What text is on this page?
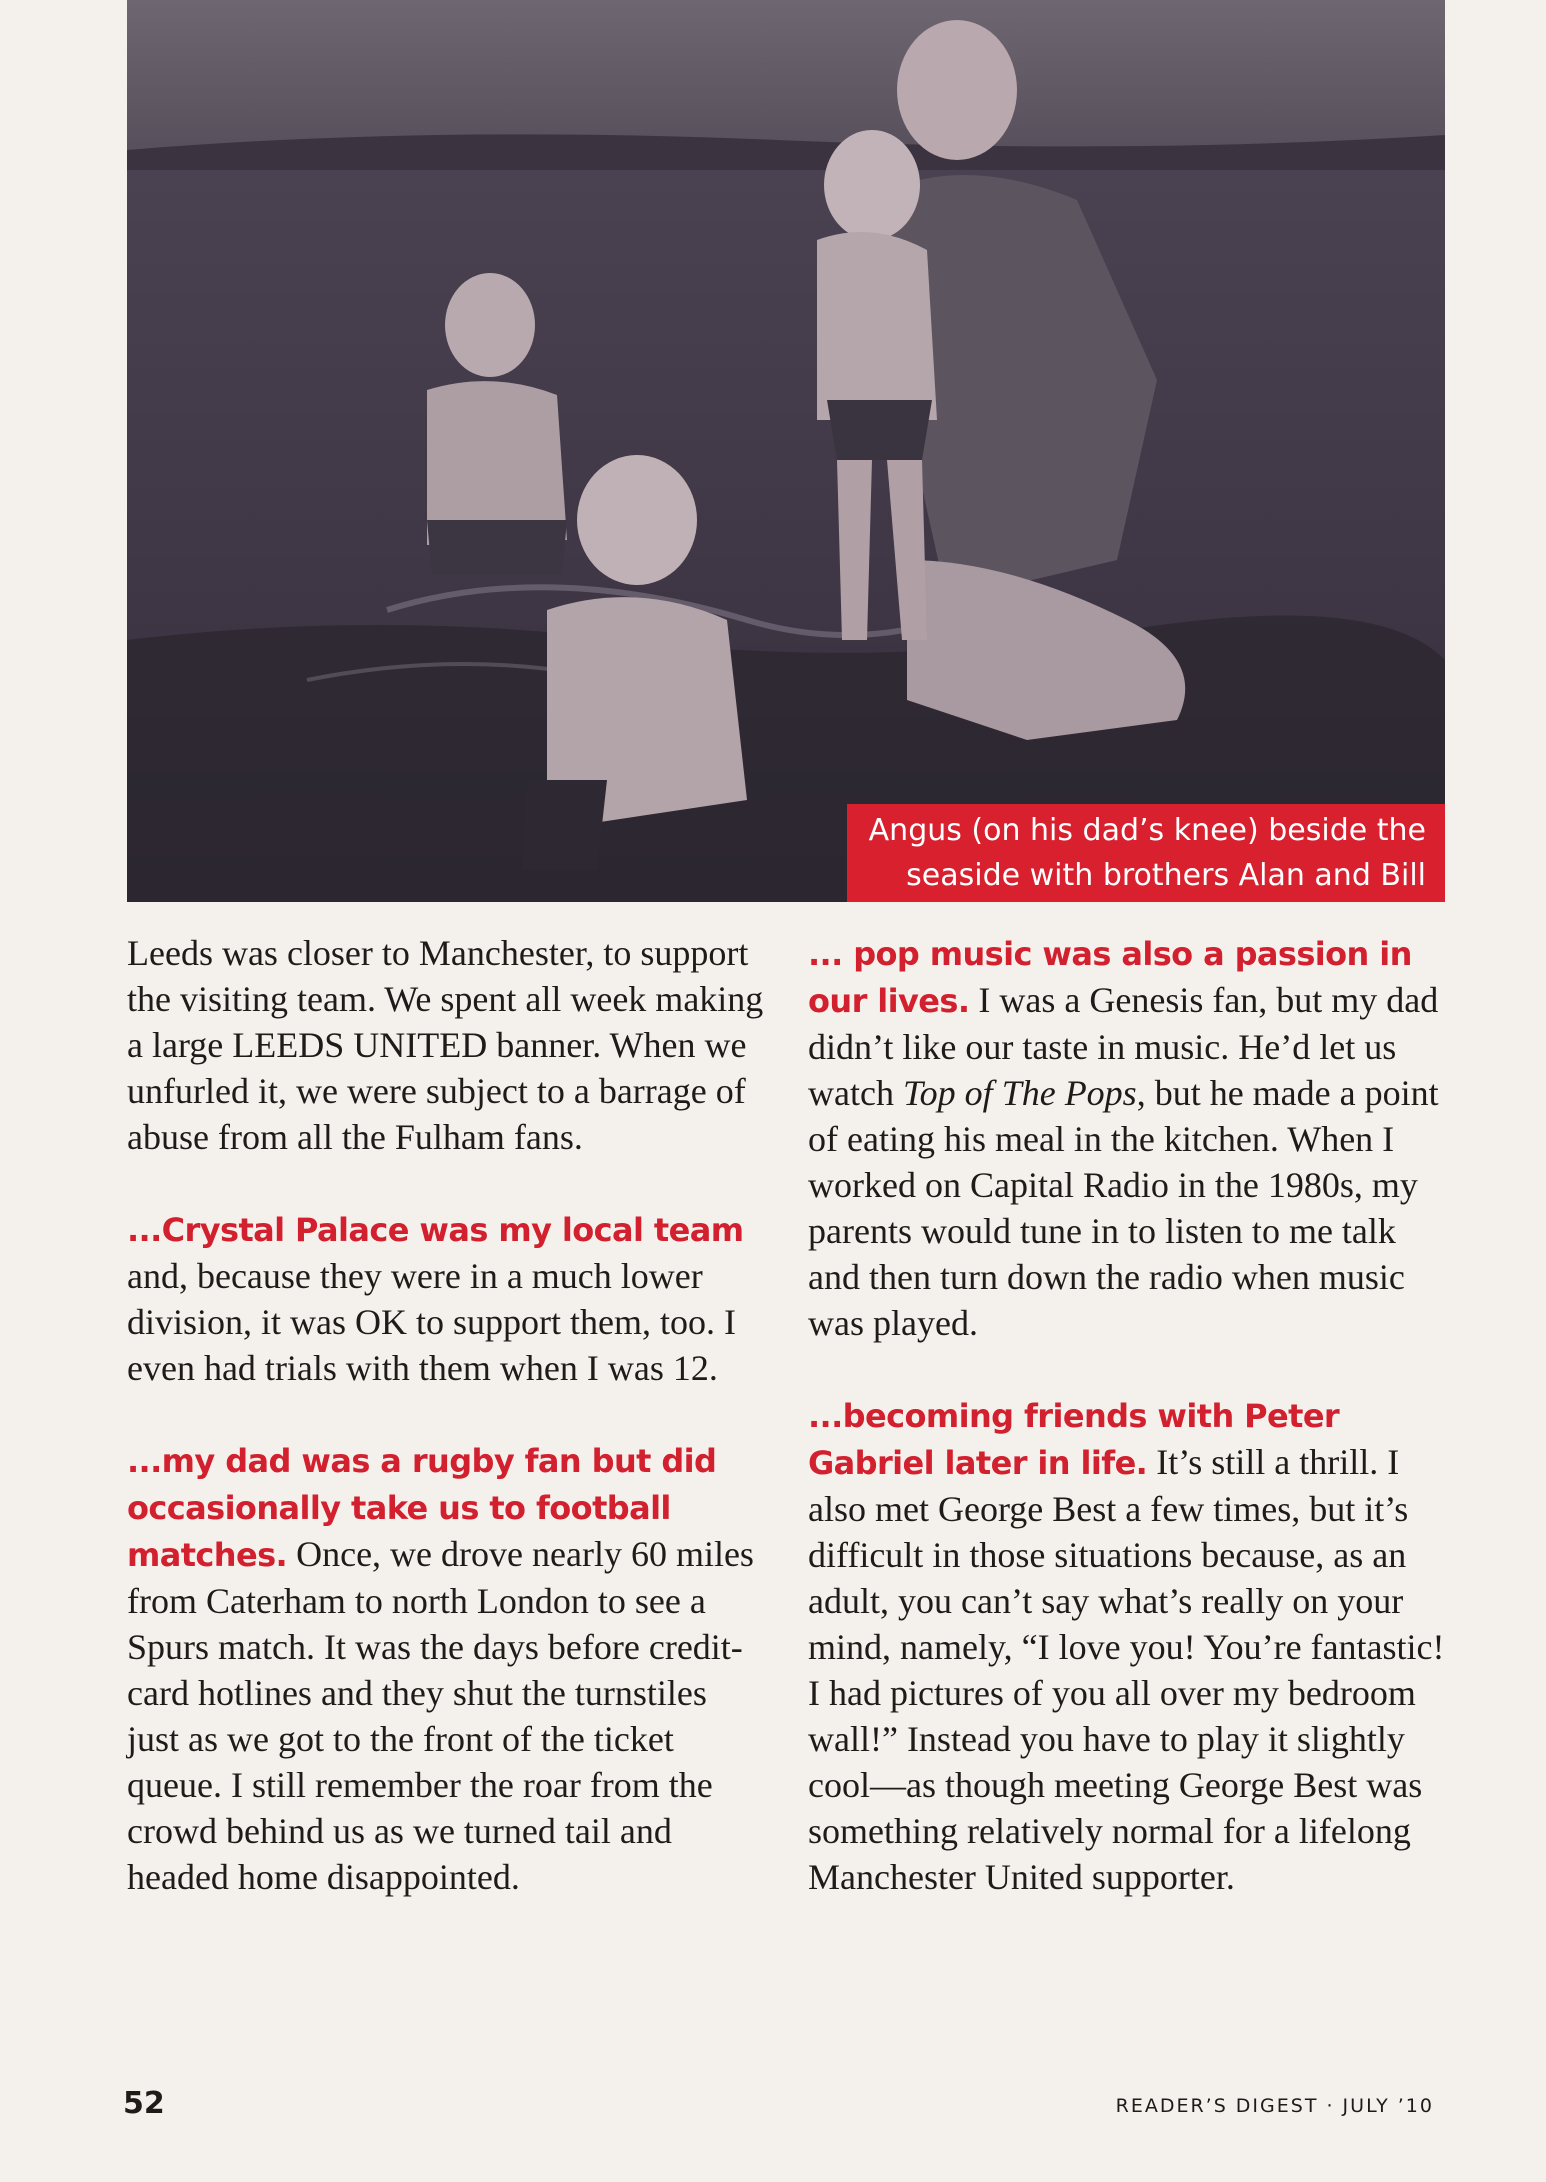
Angus (on his dad’s knee) beside the
seaside with brothers Alan and Bill

Leeds was closer to Manchester, to support the visiting team. We spent all week making a large LEEDS UNITED banner. When we unfurled it, we were subject to a barrage of abuse from all the Fulham fans.

...Crystal Palace was my local team and, because they were in a much lower division, it was OK to support them, too. I even had trials with them when I was 12.

...my dad was a rugby fan but did occasionally take us to football matches. Once, we drove nearly 60 miles from Caterham to north London to see a Spurs match. It was the days before credit-card hotlines and they shut the turnstiles just as we got to the front of the ticket queue. I still remember the roar from the crowd behind us as we turned tail and headed home disappointed.

... pop music was also a passion in our lives. I was a Genesis fan, but my dad didn’t like our taste in music. He’d let us watch Top of The Pops, but he made a point of eating his meal in the kitchen. When I worked on Capital Radio in the 1980s, my parents would tune in to listen to me talk and then turn down the radio when music was played.

...becoming friends with Peter Gabriel later in life. It’s still a thrill. I also met George Best a few times, but it’s difficult in those situations because, as an adult, you can’t say what’s really on your mind, namely, “I love you! You’re fantastic! I had pictures of you all over my bedroom wall!” Instead you have to play it slightly cool—as though meeting George Best was something relatively normal for a lifelong Manchester United supporter.

52	READER’S DIGEST · JULY ’10
